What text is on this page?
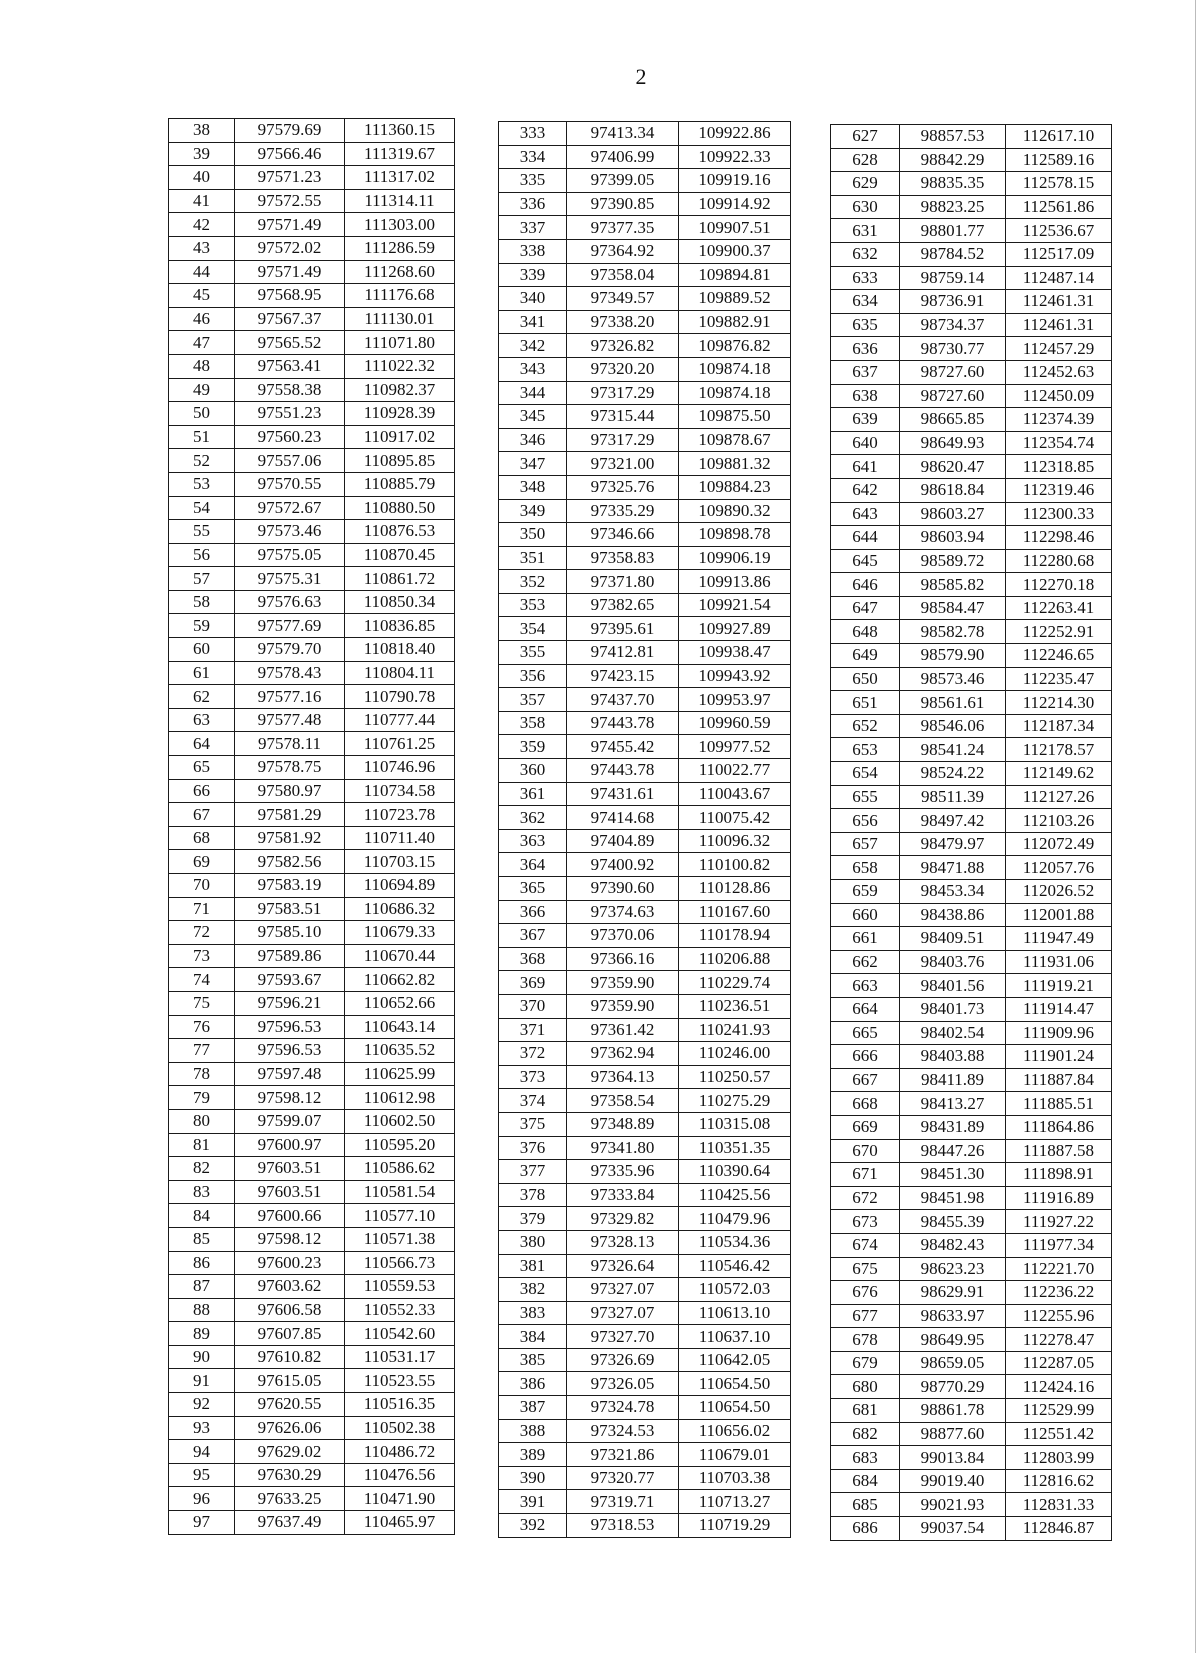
2
38	97579.69	111360.15	
39	97566.46	111319.67	
40	97571.23	111317.02	
41	97572.55	111314.11	
42	97571.49	111303.00	
43	97572.02	111286.59	
44	97571.49	111268.60	
45	97568.95	111176.68	
46	97567.37	111130.01	
47	97565.52	111071.80	
48	97563.41	111022.32	
49	97558.38	110982.37	
50	97551.23	110928.39	
51	97560.23	110917.02	
52	97557.06	110895.85	
53	97570.55	110885.79	
54	97572.67	110880.50	
55	97573.46	110876.53	
56	97575.05	110870.45	
57	97575.31	110861.72	
58	97576.63	110850.34	
59	97577.69	110836.85	
60	97579.70	110818.40	
61	97578.43	110804.11	
62	97577.16	110790.78	
63	97577.48	110777.44	
64	97578.11	110761.25	
65	97578.75	110746.96	
66	97580.97	110734.58	
67	97581.29	110723.78	
68	97581.92	110711.40	
69	97582.56	110703.15	
70	97583.19	110694.89	
71	97583.51	110686.32	
72	97585.10	110679.33	
73	97589.86	110670.44	
74	97593.67	110662.82	
75	97596.21	110652.66	
76	97596.53	110643.14	
77	97596.53	110635.52	
78	97597.48	110625.99	
79	97598.12	110612.98	
80	97599.07	110602.50	
81	97600.97	110595.20	
82	97603.51	110586.62	
83	97603.51	110581.54	
84	97600.66	110577.10	
85	97598.12	110571.38	
86	97600.23	110566.73	
87	97603.62	110559.53	
88	97606.58	110552.33	
89	97607.85	110542.60	
90	97610.82	110531.17	
91	97615.05	110523.55	
92	97620.55	110516.35	
93	97626.06	110502.38	
94	97629.02	110486.72	
95	97630.29	110476.56	
96	97633.25	110471.90	
97	97637.49	110465.97	
333	97413.34	109922.86	
334	97406.99	109922.33	
335	97399.05	109919.16	
336	97390.85	109914.92	
337	97377.35	109907.51	
338	97364.92	109900.37	
339	97358.04	109894.81	
340	97349.57	109889.52	
341	97338.20	109882.91	
342	97326.82	109876.82	
343	97320.20	109874.18	
344	97317.29	109874.18	
345	97315.44	109875.50	
346	97317.29	109878.67	
347	97321.00	109881.32	
348	97325.76	109884.23	
349	97335.29	109890.32	
350	97346.66	109898.78	
351	97358.83	109906.19	
352	97371.80	109913.86	
353	97382.65	109921.54	
354	97395.61	109927.89	
355	97412.81	109938.47	
356	97423.15	109943.92	
357	97437.70	109953.97	
358	97443.78	109960.59	
359	97455.42	109977.52	
360	97443.78	110022.77	
361	97431.61	110043.67	
362	97414.68	110075.42	
363	97404.89	110096.32	
364	97400.92	110100.82	
365	97390.60	110128.86	
366	97374.63	110167.60	
367	97370.06	110178.94	
368	97366.16	110206.88	
369	97359.90	110229.74	
370	97359.90	110236.51	
371	97361.42	110241.93	
372	97362.94	110246.00	
373	97364.13	110250.57	
374	97358.54	110275.29	
375	97348.89	110315.08	
376	97341.80	110351.35	
377	97335.96	110390.64	
378	97333.84	110425.56	
379	97329.82	110479.96	
380	97328.13	110534.36	
381	97326.64	110546.42	
382	97327.07	110572.03	
383	97327.07	110613.10	
384	97327.70	110637.10	
385	97326.69	110642.05	
386	97326.05	110654.50	
387	97324.78	110654.50	
388	97324.53	110656.02	
389	97321.86	110679.01	
390	97320.77	110703.38	
391	97319.71	110713.27	
392	97318.53	110719.29	
627	98857.53	112617.10
628	98842.29	112589.16
629	98835.35	112578.15
630	98823.25	112561.86
631	98801.77	112536.67
632	98784.52	112517.09
633	98759.14	112487.14
634	98736.91	112461.31
635	98734.37	112461.31
636	98730.77	112457.29
637	98727.60	112452.63
638	98727.60	112450.09
639	98665.85	112374.39
640	98649.93	112354.74
641	98620.47	112318.85
642	98618.84	112319.46
643	98603.27	112300.33
644	98603.94	112298.46
645	98589.72	112280.68
646	98585.82	112270.18
647	98584.47	112263.41
648	98582.78	112252.91
649	98579.90	112246.65
650	98573.46	112235.47
651	98561.61	112214.30
652	98546.06	112187.34
653	98541.24	112178.57
654	98524.22	112149.62
655	98511.39	112127.26
656	98497.42	112103.26
657	98479.97	112072.49
658	98471.88	112057.76
659	98453.34	112026.52
660	98438.86	112001.88
661	98409.51	111947.49
662	98403.76	111931.06
663	98401.56	111919.21
664	98401.73	111914.47
665	98402.54	111909.96
666	98403.88	111901.24
667	98411.89	111887.84
668	98413.27	111885.51
669	98431.89	111864.86
670	98447.26	111887.58
671	98451.30	111898.91
672	98451.98	111916.89
673	98455.39	111927.22
674	98482.43	111977.34
675	98623.23	112221.70
676	98629.91	112236.22
677	98633.97	112255.96
678	98649.95	112278.47
679	98659.05	112287.05
680	98770.29	112424.16
681	98861.78	112529.99
682	98877.60	112551.42
683	99013.84	112803.99
684	99019.40	112816.62
685	99021.93	112831.33
686	99037.54	112846.87
